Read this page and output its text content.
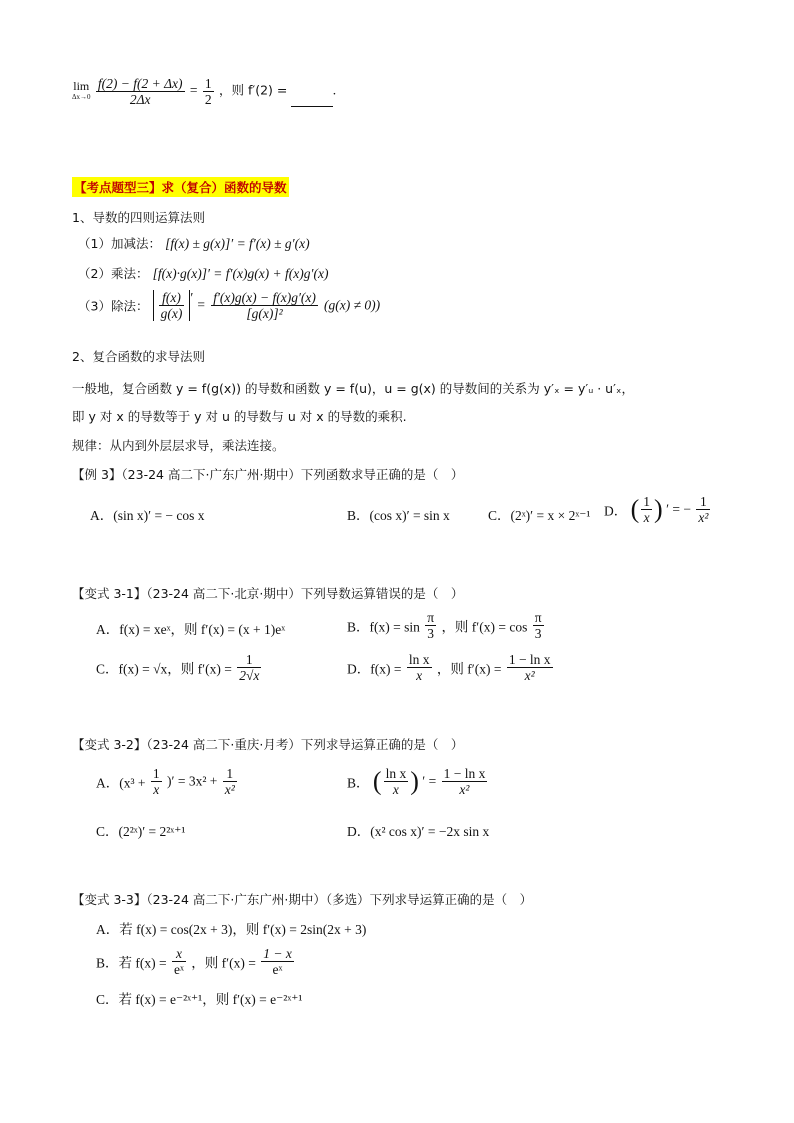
lim
Δx→0
$\frac{f(2) - f(2 + \Delta x)}{2\Delta x} = \frac{1}{2}$ ，则 f′(2) =	.
【考点题型三】求（复合）函数的导数
1、导数的四则运算法则
（1）加减法： [f(x) ± g(x)]′ = f′(x) ± g′(x)
（2）乘法： [f(x)·g(x)]′ = f′(x)g(x) + f(x)g′(x)
（3）除法： $\frac{f(x)}{g(x)}$ ′ = $\frac{f'(x)g(x) - f(x)g'(x)}{\text{[g(x)]²}} (g(x) \ne 0)$)
2、复合函数的求导法则
一般地，复合函数 y = f(g(x)) 的导数和函数 y = f(u)，u = g(x) 的导数间的关系为 y′ₓ = y′ᵤ · u′ₓ，
即 y 对 x 的导数等于 y 对 u 的导数与 u 对 x 的导数的乘积.
规律：从内到外层层求导，乘法连接。
【例 3】（23-24 高二下·广东广州·期中）下列函数求导正确的是（　）
A．(sin x)′ = − cos x	B．(cos x)′ = sin x	C．(2ˣ)′ = x × 2ˣ⁻¹ D． ( $\frac{1}{x}$ ) ′ = − $\frac{1}{\text{x²}}$
【变式 3-1】（23-24 高二下·北京·期中）下列导数运算错误的是（　）
A．f(x) = xeˣ，则 f′(x) = (x + 1)eˣ	B．$f(x) = \sin \frac{\pi}{3}$ ，则 $f'(x) = \cos \frac{\pi}{3}$
C．f(x) = √x，则 $f'(x) = \frac{1}{2√x}$	D．$f(x) = \frac{\text{ln x}}{x}$ ，则 $f'(x) = \frac{\text{1 − ln x}}{\text{x²}}$
【变式 3-2】（23-24 高二下·重庆·月考）下列求导运算正确的是（　）
A．($x^3 + \frac{1}{x}$ )′ = $3x^2 + \frac{1}{\text{x²}}$	B． ( $\frac{\text{ln x}}{x}$ ) ′ = $\frac{\text{1 − ln x}}{\text{x²}}$
C．(2²ˣ)′ = 2²ˣ⁺¹	D．(x² cos x)′ = −2x sin x
【变式 3-3】（23-24 高二下·广东广州·期中）（多选）下列求导运算正确的是（　）
A．若 f(x) = cos(2x + 3)，则 f′(x) = 2sin(2x + 3)
B．若 $f(x) = \frac{x}{\text{eˣ}}$ ，则 $f'(x) = \frac{1 - x}{\text{eˣ}}$
C．若 f(x) = e⁻²ˣ⁺¹，则 f′(x) = e⁻²ˣ⁺¹
